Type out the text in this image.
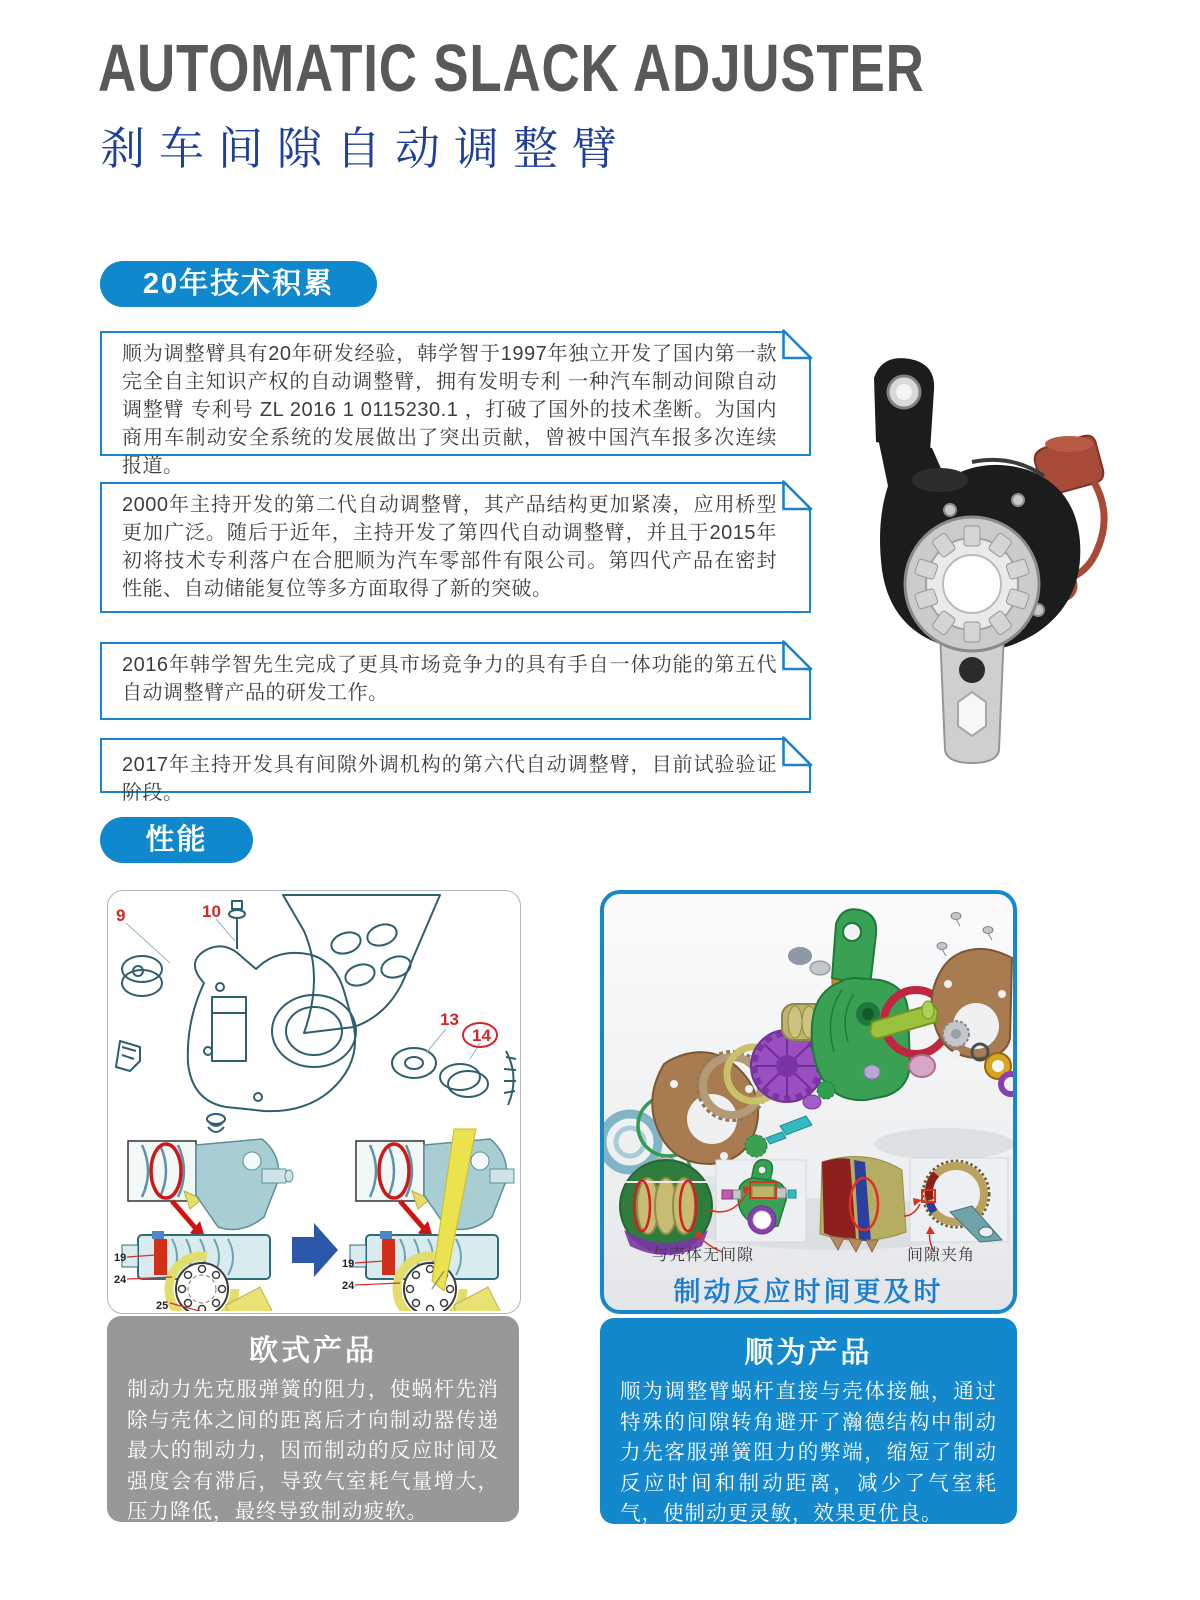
AUTOMATIC SLACK ADJUSTER
刹车间隙自动调整臂
20年技术积累
顺为调整臂具有20年研发经验，韩学智于1997年独立开发了国内第一款完全自主知识产权的自动调整臂，拥有发明专利 一种汽车制动间隙自动调整臂 专利号 ZL 2016 1 0115230.1 ，打破了国外的技术垄断。为国内商用车制动安全系统的发展做出了突出贡献，曾被中国汽车报多次连续报道。
2000年主持开发的第二代自动调整臂，其产品结构更加紧凑，应用桥型更加广泛。随后于近年，主持开发了第四代自动调整臂，并且于2015年初将技术专利落户在合肥顺为汽车零部件有限公司。第四代产品在密封性能、自动储能复位等多方面取得了新的突破。
2016年韩学智先生完成了更具市场竞争力的具有手自一体功能的第五代自动调整臂产品的研发工作。
2017年主持开发具有间隙外调机构的第六代自动调整臂，目前试验验证阶段。
性能
9	10
13
14
19
24
25
19
24
与壳体无间隙	间隙夹角
制动反应时间更及时
欧式产品

制动力先克服弹簧的阻力，使蜗杆先消除与壳体之间的距离后才向制动器传递最大的制动力，因而制动的反应时间及强度会有滞后，导致气室耗气量增大，压力降低，最终导致制动疲软。

顺为产品

顺为调整臂蜗杆直接与壳体接触，通过特殊的间隙转角避开了瀚德结构中制动力先客服弹簧阻力的弊端，缩短了制动反应时间和制动距离，减少了气室耗气，使制动更灵敏，效果更优良。
